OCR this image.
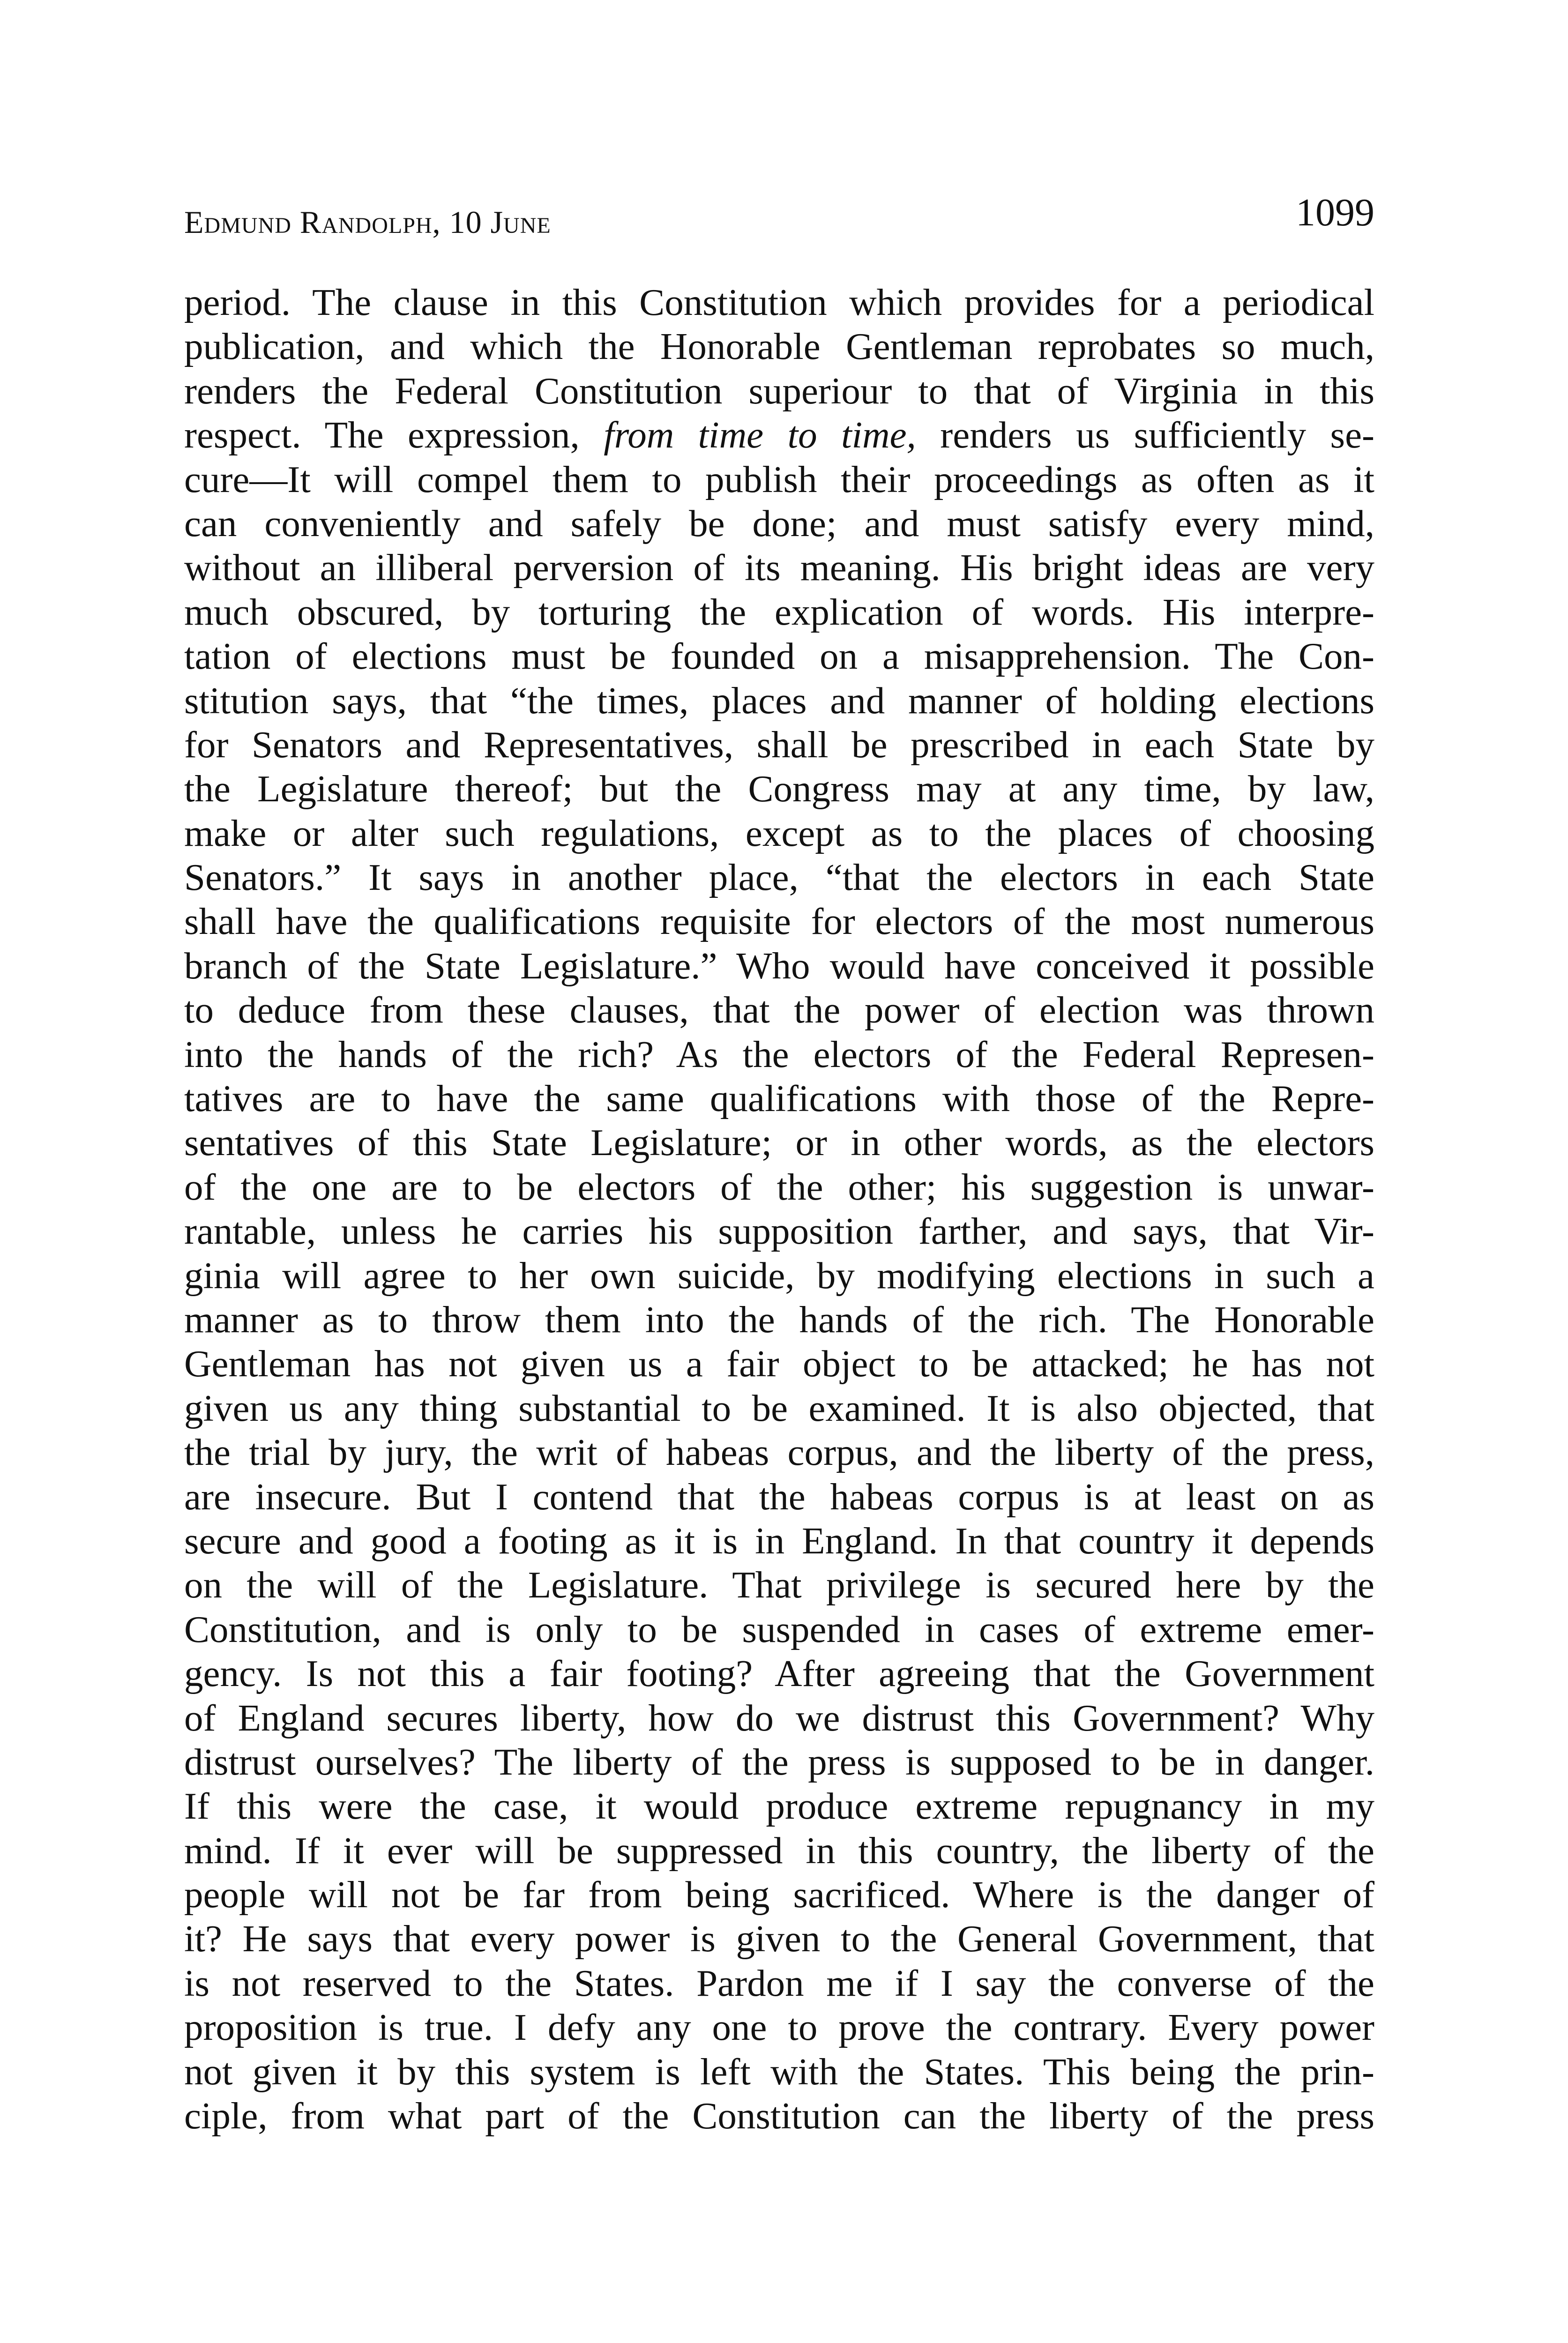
Edmund Randolph, 10 June	1099
period. The clause in this Constitution which provides for a periodical
publication, and which the Honorable Gentleman reprobates so much,
renders the Federal Constitution superiour to that of Virginia in this
respect. The expression, from time to time, renders us sufficiently se-
cure—It will compel them to publish their proceedings as often as it
can conveniently and safely be done; and must satisfy every mind,
without an illiberal perversion of its meaning. His bright ideas are very
much obscured, by torturing the explication of words. His interpre-
tation of elections must be founded on a misapprehension. The Con-
stitution says, that “the times, places and manner of holding elections
for Senators and Representatives, shall be prescribed in each State by
the Legislature thereof; but the Congress may at any time, by law,
make or alter such regulations, except as to the places of choosing
Senators.” It says in another place, “that the electors in each State
shall have the qualifications requisite for electors of the most numerous
branch of the State Legislature.” Who would have conceived it possible
to deduce from these clauses, that the power of election was thrown
into the hands of the rich? As the electors of the Federal Represen-
tatives are to have the same qualifications with those of the Repre-
sentatives of this State Legislature; or in other words, as the electors
of the one are to be electors of the other; his suggestion is unwar-
rantable, unless he carries his supposition farther, and says, that Vir-
ginia will agree to her own suicide, by modifying elections in such a
manner as to throw them into the hands of the rich. The Honorable
Gentleman has not given us a fair object to be attacked; he has not
given us any thing substantial to be examined. It is also objected, that
the trial by jury, the writ of habeas corpus, and the liberty of the press,
are insecure. But I contend that the habeas corpus is at least on as
secure and good a footing as it is in England. In that country it depends
on the will of the Legislature. That privilege is secured here by the
Constitution, and is only to be suspended in cases of extreme emer-
gency. Is not this a fair footing? After agreeing that the Government
of England secures liberty, how do we distrust this Government? Why
distrust ourselves? The liberty of the press is supposed to be in danger.
If this were the case, it would produce extreme repugnancy in my
mind. If it ever will be suppressed in this country, the liberty of the
people will not be far from being sacrificed. Where is the danger of
it? He says that every power is given to the General Government, that
is not reserved to the States. Pardon me if I say the converse of the
proposition is true. I defy any one to prove the contrary. Every power
not given it by this system is left with the States. This being the prin-
ciple, from what part of the Constitution can the liberty of the press
